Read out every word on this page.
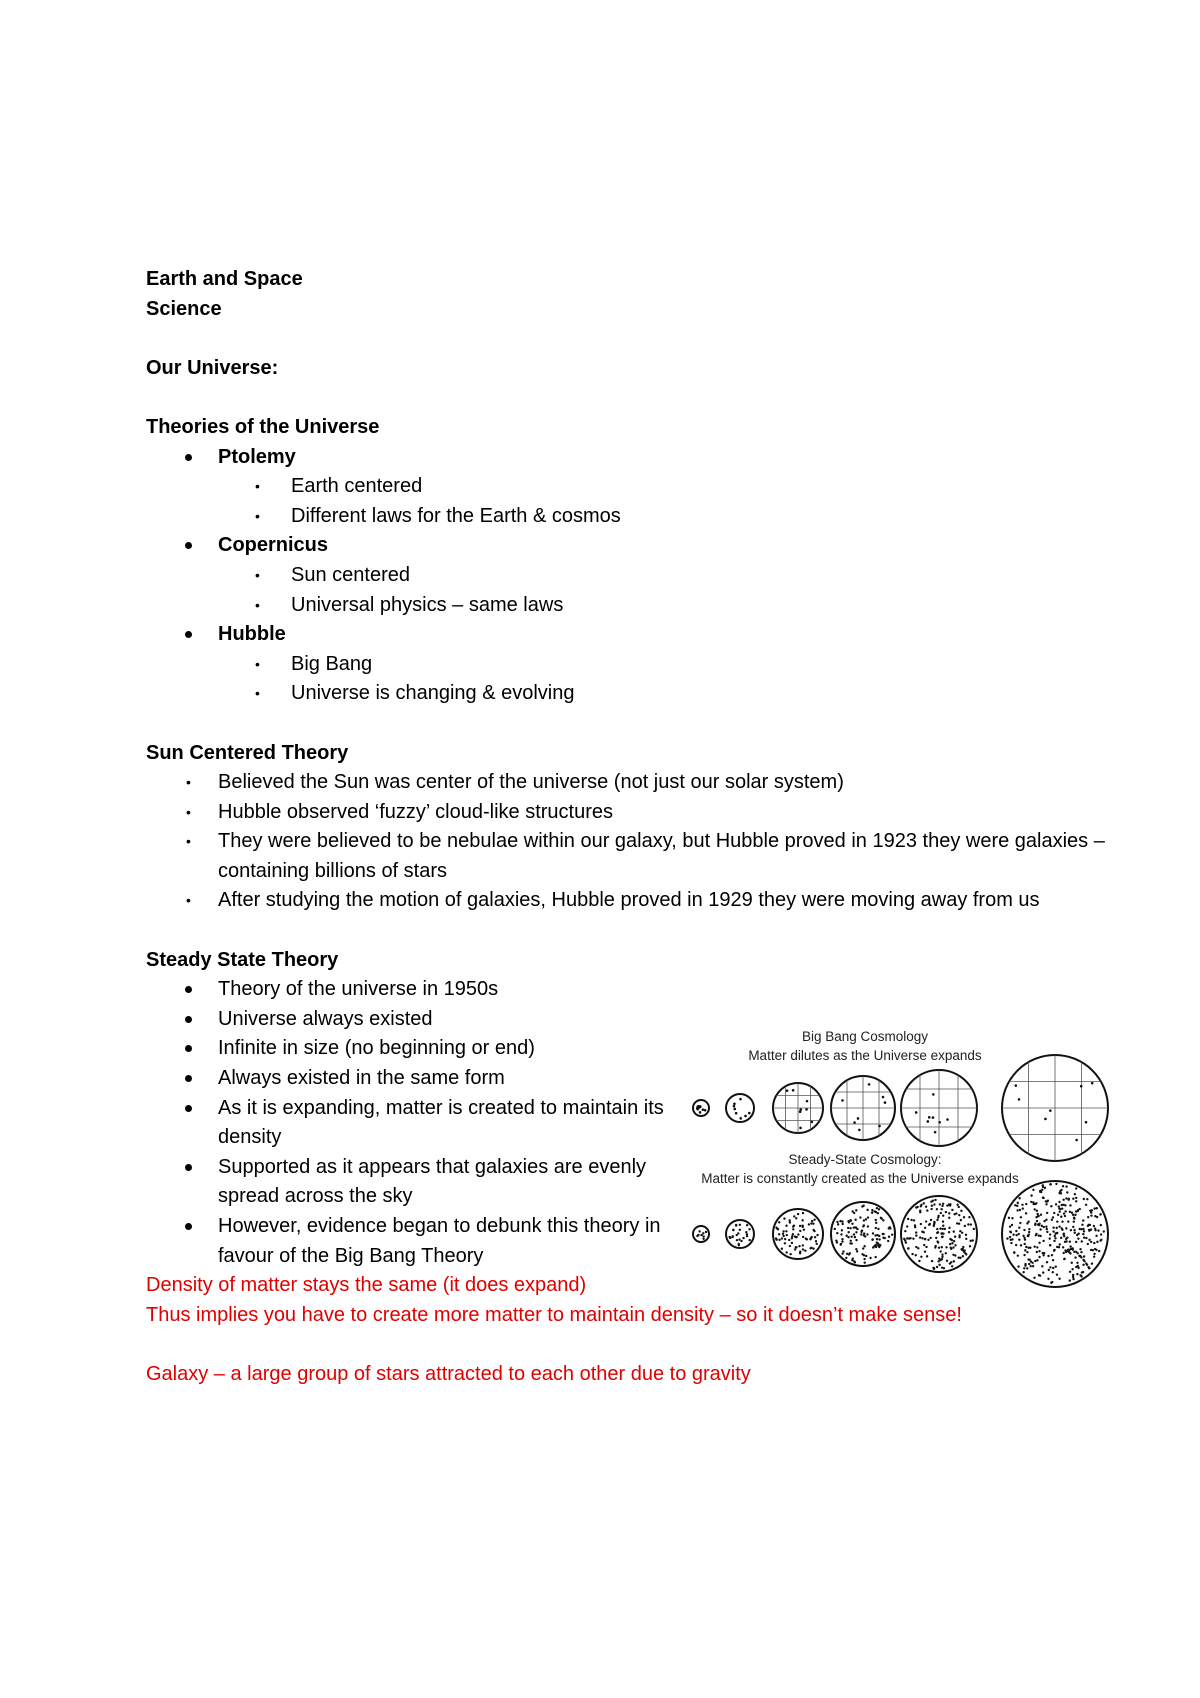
Earth and Space
Science
Our Universe:
Theories of the Universe
Ptolemy
• Earth centered
• Different laws for the Earth & cosmos
Copernicus
• Sun centered
• Universal physics – same laws
Hubble
• Big Bang
• Universe is changing & evolving
Sun Centered Theory
• Believed the Sun was center of the universe (not just our solar system)
• Hubble observed ‘fuzzy’ cloud-like structures
• They were believed to be nebulae within our galaxy, but Hubble proved in 1923 they were galaxies – containing billions of stars
• After studying the motion of galaxies, Hubble proved in 1929 they were moving away from us
Steady State Theory
Theory of the universe in 1950s
Universe always existed
Infinite in size (no beginning or end)
Always existed in the same form
As it is expanding, matter is created to maintain its density
Supported as it appears that galaxies are evenly spread across the sky
However, evidence began to debunk this theory in favour of the Big Bang Theory
Density of matter stays the same (it does expand)
Thus implies you have to create more matter to maintain density – so it doesn’t make sense!
Galaxy – a large group of stars attracted to each other due to gravity
Big Bang Cosmology
Matter dilutes as the Universe expands
Steady-State Cosmology:
Matter is constantly created as the Universe expands
